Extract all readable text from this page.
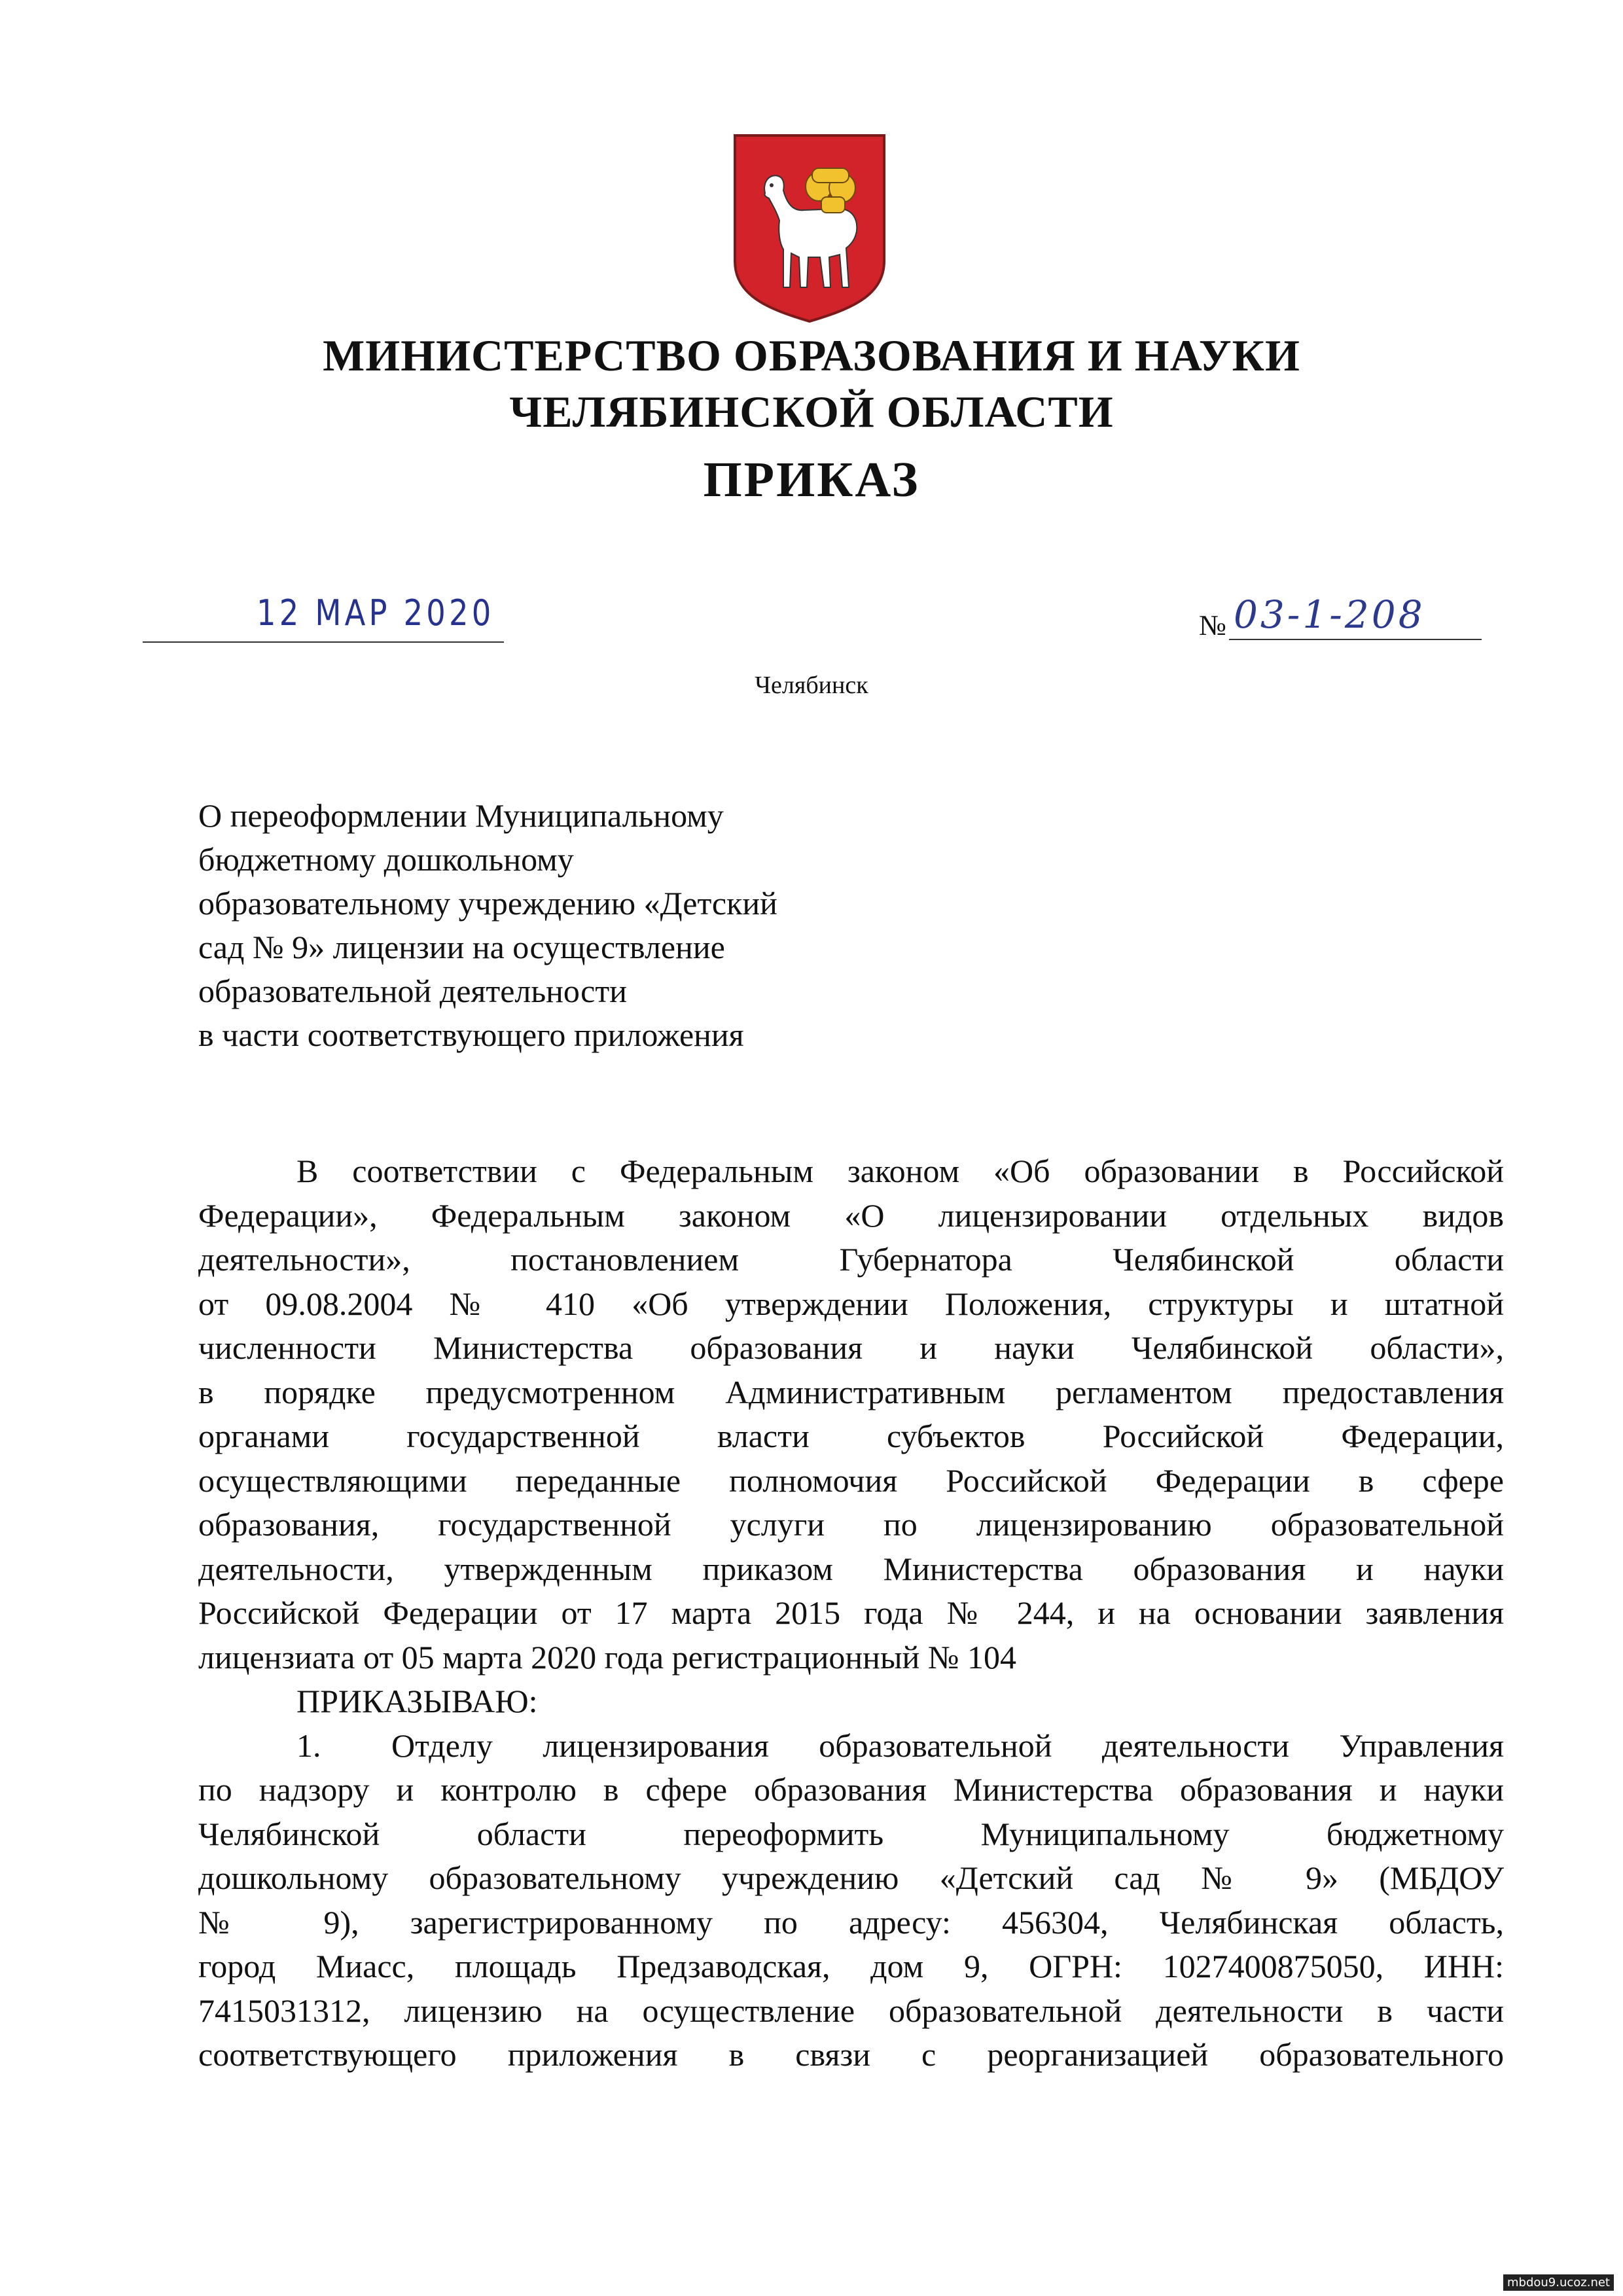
МИНИСТЕРСТВО ОБРАЗОВАНИЯ И НАУКИ
ЧЕЛЯБИНСКОЙ ОБЛАСТИ
ПРИКАЗ
12 MAP 2020	№ 03-1-208
Челябинск
О переоформлении Муниципальному
бюджетному дошкольному
образовательному учреждению «Детский
сад № 9» лицензии на осуществление
образовательной деятельности
в части соответствующего приложения
В соответствии с Федеральным законом «Об образовании в Российской
Федерации», Федеральным законом «О лицензировании отдельных видов
деятельности», постановлением Губернатора Челябинской области
от 09.08.2004 № 410 «Об утверждении Положения, структуры и штатной
численности Министерства образования и науки Челябинской области»,
в порядке предусмотренном Административным регламентом предоставления
органами государственной власти субъектов Российской Федерации,
осуществляющими переданные полномочия Российской Федерации в сфере
образования, государственной услуги по лицензированию образовательной
деятельности, утвержденным приказом Министерства образования и науки
Российской Федерации от 17 марта 2015 года № 244, и на основании заявления
лицензиата от 05 марта 2020 года регистрационный № 104
ПРИКАЗЫВАЮ:
1.	Отделу лицензирования образовательной деятельности Управления
по надзору и контролю в сфере образования Министерства образования и науки
Челябинской области переоформить Муниципальному бюджетному
дошкольному образовательному учреждению «Детский сад № 9» (МБДОУ
№ 9), зарегистрированному по адресу: 456304, Челябинская область,
город Миасс, площадь Предзаводская, дом 9, ОГРН: 1027400875050, ИНН:
7415031312, лицензию на осуществление образовательной деятельности в части
соответствующего приложения в связи с реорганизацией образовательного
mbdou9.ucoz.net
